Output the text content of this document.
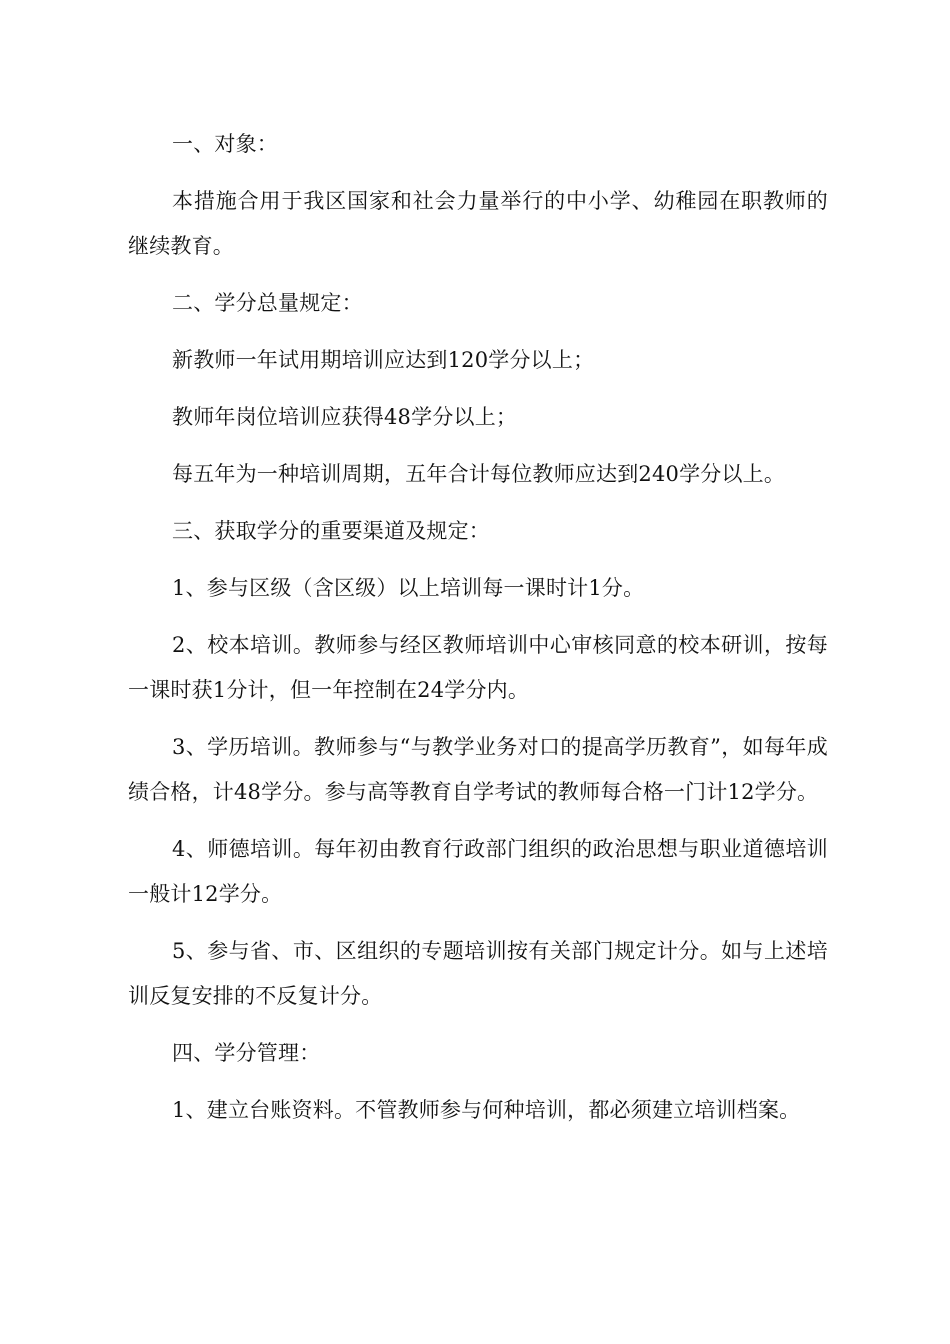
一、对象：

本措施合用于我区国家和社会力量举行的中小学、幼稚园在职教师的继续教育。

二、学分总量规定：

新教师一年试用期培训应达到120学分以上；

教师年岗位培训应获得48学分以上；

每五年为一种培训周期，五年合计每位教师应达到240学分以上。

三、获取学分的重要渠道及规定：

1、参与区级（含区级）以上培训每一课时计1分。

2、校本培训。教师参与经区教师培训中心审核同意的校本研训，按每一课时获1分计，但一年控制在24学分内。

3、学历培训。教师参与“与教学业务对口的提高学历教育”，如每年成绩合格，计48学分。参与高等教育自学考试的教师每合格一门计12学分。

4、师德培训。每年初由教育行政部门组织的政治思想与职业道德培训一般计12学分。

5、参与省、市、区组织的专题培训按有关部门规定计分。如与上述培训反复安排的不反复计分。

四、学分管理：

1、建立台账资料。不管教师参与何种培训，都必须建立培训档案。
